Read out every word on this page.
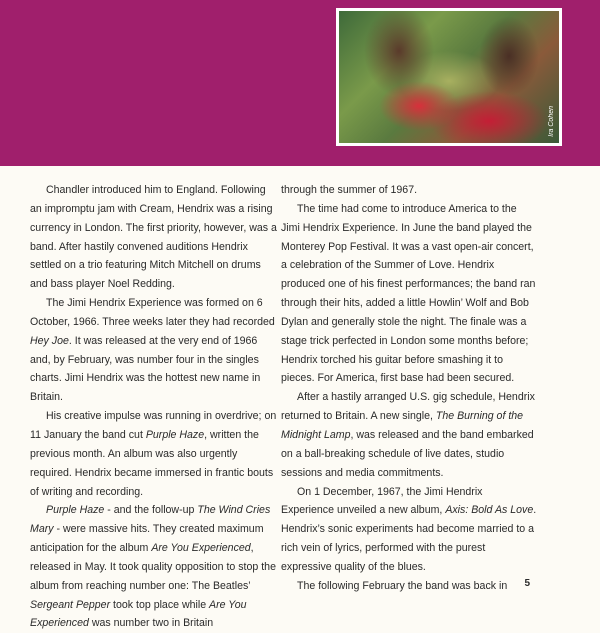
Ira Cohen

Chandler introduced him to England. Following an impromptu jam with Cream, Hendrix was a rising currency in London. The first priority, however, was a band. After hastily convened auditions Hendrix settled on a trio featuring Mitch Mitchell on drums and bass player Noel Redding.

The Jimi Hendrix Experience was formed on 6 October, 1966. Three weeks later they had recorded Hey Joe. It was released at the very end of 1966 and, by February, was number four in the singles charts. Jimi Hendrix was the hottest new name in Britain.

His creative impulse was running in overdrive; on 11 January the band cut Purple Haze, written the previous month. An album was also urgently required. Hendrix became immersed in frantic bouts of writing and recording.

Purple Haze - and the follow-up The Wind Cries Mary - were massive hits. They created maximum anticipation for the album Are You Experienced, released in May. It took quality opposition to stop the album from reaching number one: The Beatles’ Sergeant Pepper took top place while Are You Experienced was number two in Britain

through the summer of 1967.

The time had come to introduce America to the Jimi Hendrix Experience. In June the band played the Monterey Pop Festival. It was a vast open-air concert, a celebration of the Summer of Love. Hendrix produced one of his finest performances; the band ran through their hits, added a little Howlin’ Wolf and Bob Dylan and generally stole the night. The finale was a stage trick perfected in London some months before; Hendrix torched his guitar before smashing it to pieces. For America, first base had been secured.

After a hastily arranged U.S. gig schedule, Hendrix returned to Britain. A new single, The Burning of the Midnight Lamp, was released and the band embarked on a ball-breaking schedule of live dates, studio sessions and media commitments.

On 1 December, 1967, the Jimi Hendrix Experience unveiled a new album, Axis: Bold As Love. Hendrix’s sonic experiments had become married to a rich vein of lyrics, performed with the purest expressive quality of the blues.

The following February the band was back in	5
